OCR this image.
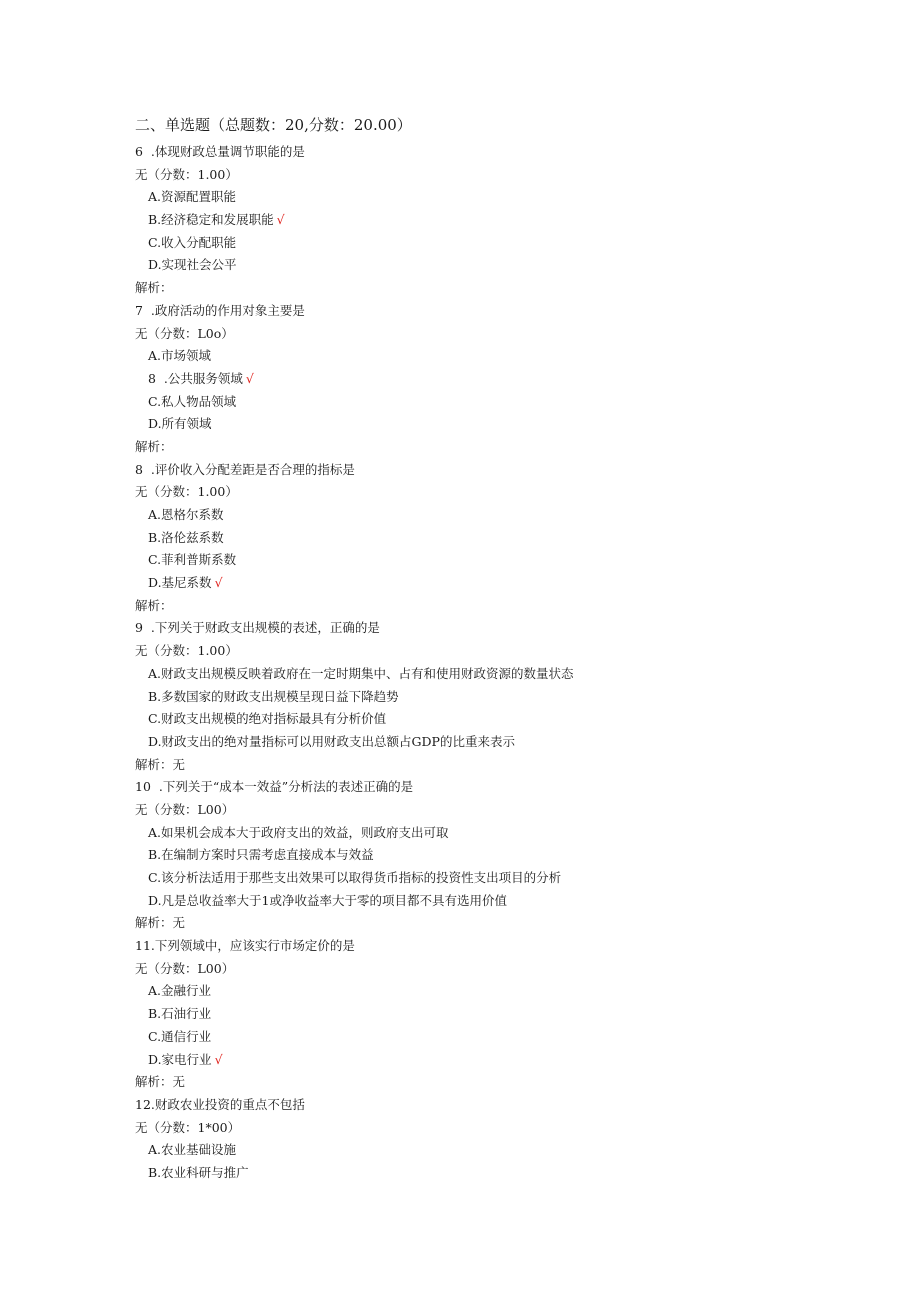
二、单选题（总题数：20,分数：20.00）
6  .体现财政总量调节职能的是
无（分数：1.00）
A.资源配置职能
B.经济稳定和发展职能 √
C.收入分配职能
D.实现社会公平
解析：
7  .政府活动的作用对象主要是
无（分数：L0o）
A.市场领域
8  .公共服务领域 √
C.私人物品领域
D.所有领域
解析：
8  .评价收入分配差距是否合理的指标是
无（分数：1.00）
A.恩格尔系数
B.洛伦兹系数
C.菲利普斯系数
D.基尼系数 √
解析：
9  .下列关于财政支出规模的表述，正确的是
无（分数：1.00）
A.财政支出规模反映着政府在一定时期集中、占有和使用财政资源的数量状态
B.多数国家的财政支出规模呈现日益下降趋势
C.财政支出规模的绝对指标最具有分析价值
D.财政支出的绝对量指标可以用财政支出总额占GDP的比重来表示
解析：无
10  .下列关于“成本一效益”分析法的表述正确的是
无（分数：L00）
A.如果机会成本大于政府支出的效益，则政府支出可取
B.在编制方案时只需考虑直接成本与效益
C.该分析法适用于那些支出效果可以取得货币指标的投资性支出项目的分析
D.凡是总收益率大于1或净收益率大于零的项目都不具有选用价值
解析：无
11.下列领域中，应该实行市场定价的是
无（分数：L00）
A.金融行业
B.石油行业
C.通信行业
D.家电行业 √
解析：无
12.财政农业投资的重点不包括
无（分数：1*00）
A.农业基础设施
B.农业科研与推广
